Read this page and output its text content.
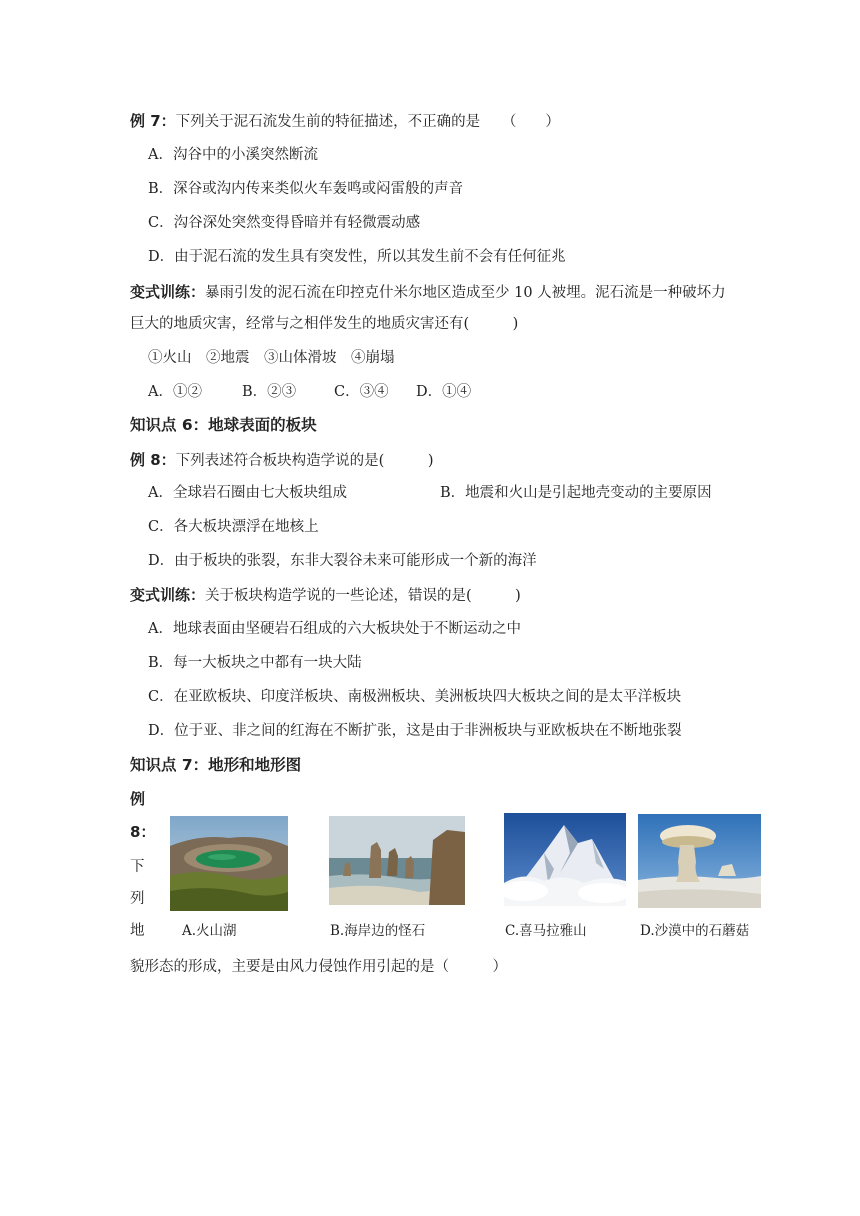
例 7：下列关于泥石流发生前的特征描述，不正确的是　　（　　）
A．沟谷中的小溪突然断流
B．深谷或沟内传来类似火车轰鸣或闷雷般的声音
C．沟谷深处突然变得昏暗并有轻微震动感
D．由于泥石流的发生具有突发性，所以其发生前不会有任何征兆
变式训练：暴雨引发的泥石流在印控克什米尔地区造成至少 10 人被埋。泥石流是一种破坏力
巨大的地质灾害，经常与之相伴发生的地质灾害还有(　　　)
①火山　②地震　③山体滑坡　④崩塌
A．①②	B．②③	C．③④ D．①④
知识点 6：地球表面的板块
例 8：下列表述符合板块构造学说的是(　　　)
A．全球岩石圈由七大板块组成	B．地震和火山是引起地壳变动的主要原因
C．各大板块漂浮在地核上
D．由于板块的张裂，东非大裂谷未来可能形成一个新的海洋
变式训练：关于板块构造学说的一些论述，错误的是(　　　)
A．地球表面由坚硬岩石组成的六大板块处于不断运动之中
B．每一大板块之中都有一块大陆
C．在亚欧板块、印度洋板块、南极洲板块、美洲板块四大板块之间的是太平洋板块
D．位于亚、非之间的红海在不断扩张，这是由于非洲板块与亚欧板块在不断地张裂
知识点 7：地形和地形图
例
8：
下
列
地	A.火山湖	B.海岸边的怪石	C.喜马拉雅山	D.沙漠中的石蘑菇
貌形态的形成，主要是由风力侵蚀作用引起的是（　　　）
